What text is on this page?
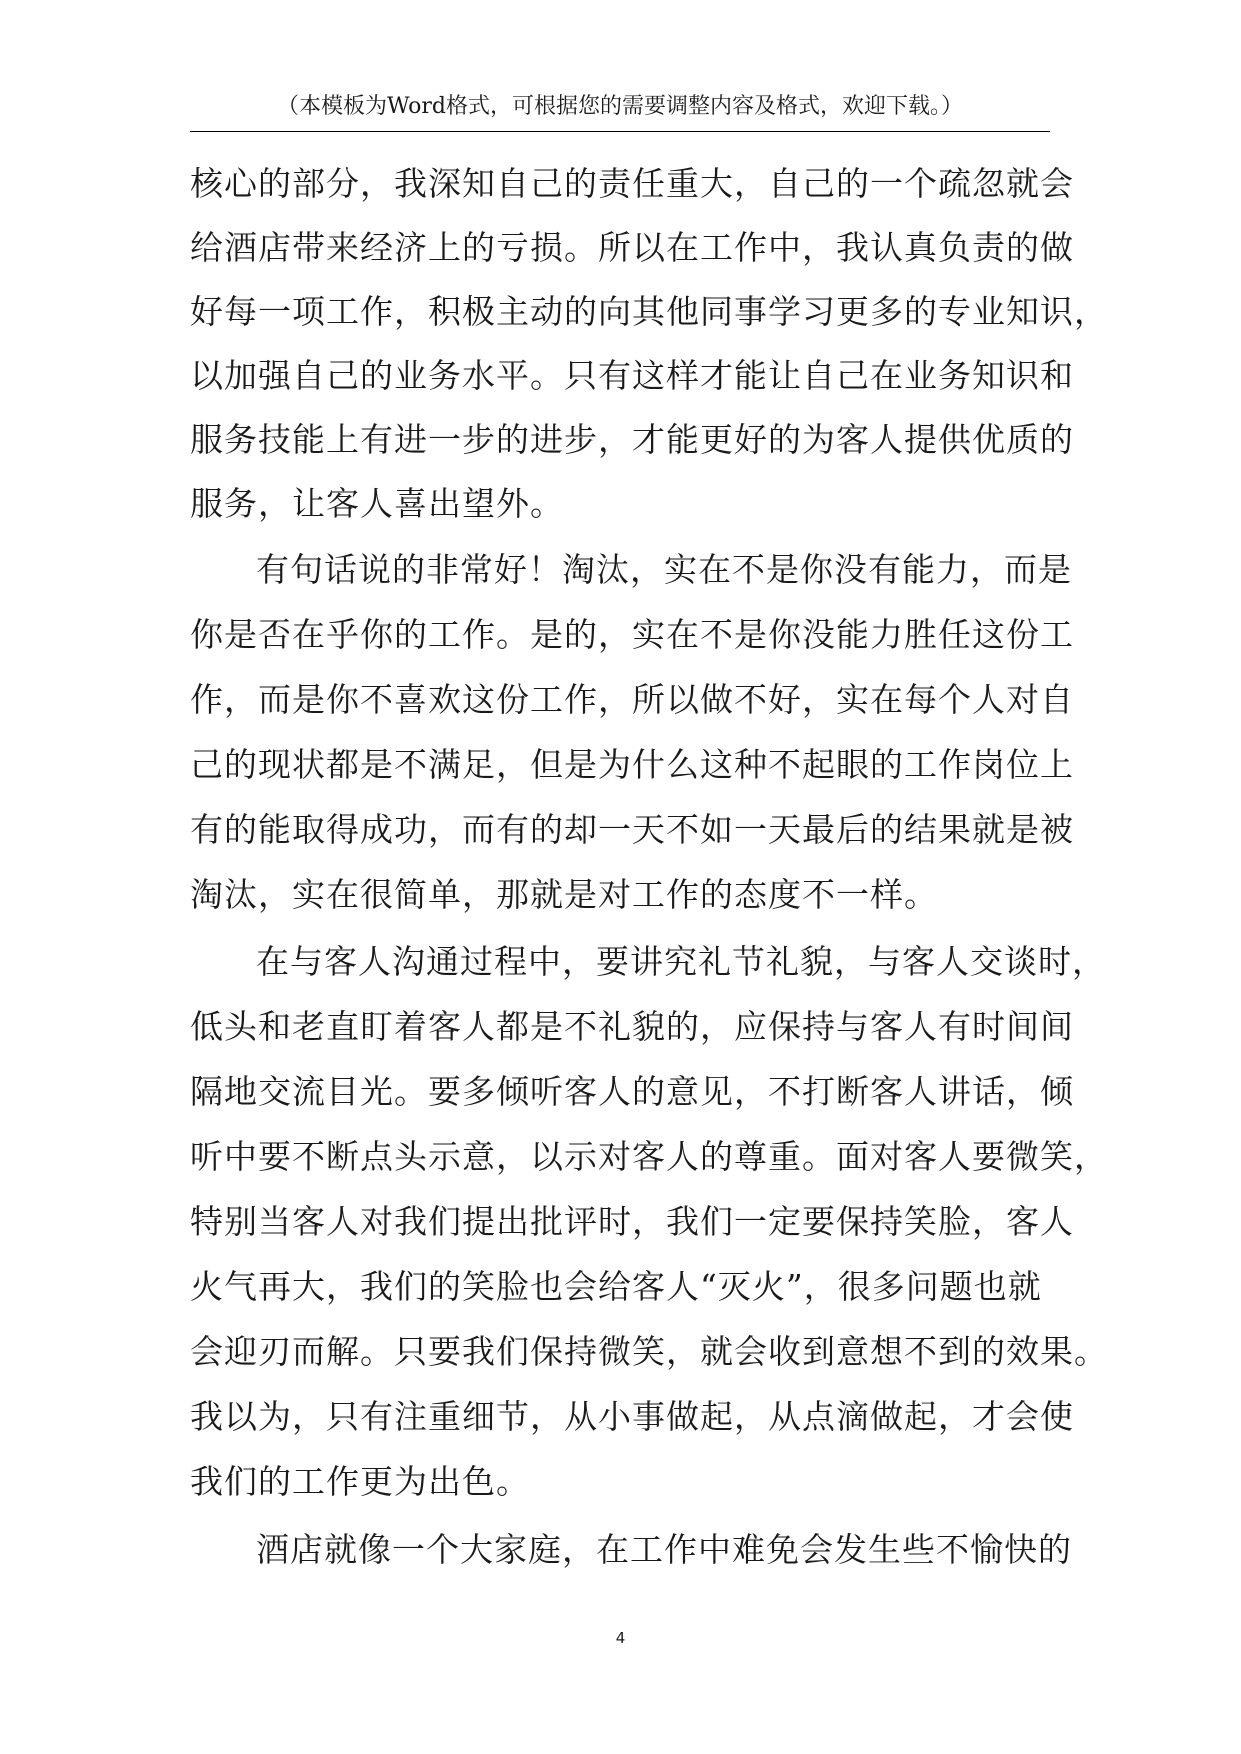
（本模板为Word格式，可根据您的需要调整内容及格式，欢迎下载。）
核心的部分，我深知自己的责任重大，自己的一个疏忽就会
给酒店带来经济上的亏损。所以在工作中，我认真负责的做
好每一项工作，积极主动的向其他同事学习更多的专业知识，
以加强自己的业务水平。只有这样才能让自己在业务知识和
服务技能上有进一步的进步，才能更好的为客人提供优质的
服务，让客人喜出望外。
有句话说的非常好！淘汰，实在不是你没有能力，而是
你是否在乎你的工作。是的，实在不是你没能力胜任这份工
作，而是你不喜欢这份工作，所以做不好，实在每个人对自
己的现状都是不满足，但是为什么这种不起眼的工作岗位上
有的能取得成功，而有的却一天不如一天最后的结果就是被
淘汰，实在很简单，那就是对工作的态度不一样。
在与客人沟通过程中，要讲究礼节礼貌，与客人交谈时，
低头和老直盯着客人都是不礼貌的，应保持与客人有时间间
隔地交流目光。要多倾听客人的意见，不打断客人讲话，倾
听中要不断点头示意，以示对客人的尊重。面对客人要微笑，
特别当客人对我们提出批评时，我们一定要保持笑脸，客人
火气再大，我们的笑脸也会给客人“灭火”，很多问题也就
会迎刃而解。只要我们保持微笑，就会收到意想不到的效果。
我以为，只有注重细节，从小事做起，从点滴做起，才会使
我们的工作更为出色。
酒店就像一个大家庭，在工作中难免会发生些不愉快的
4
